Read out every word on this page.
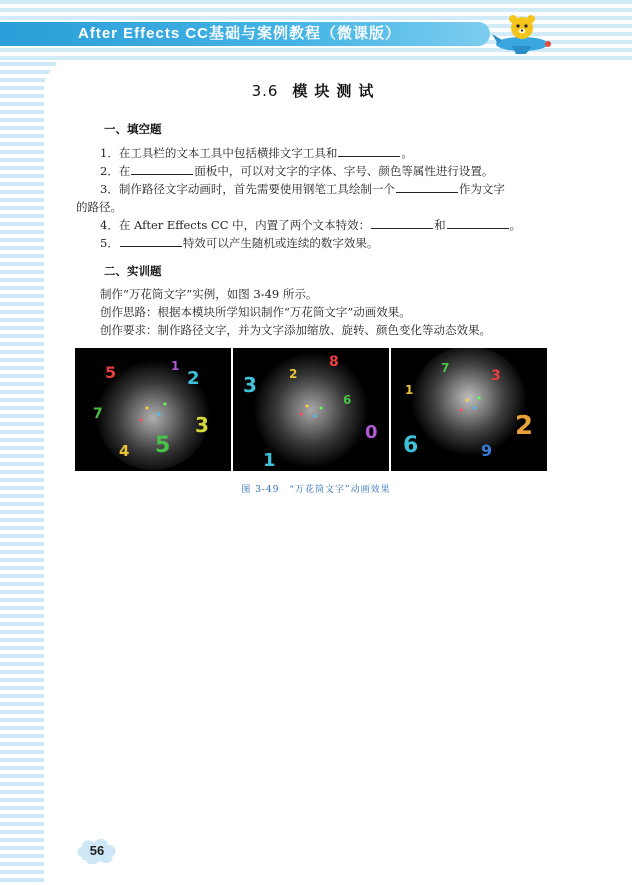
After Effects CC基础与案例教程（微课版）
3.6 模块测试
一、填空题
1．在工具栏的文本工具中包括横排文字工具和	。
2．在	面板中，可以对文字的字体、字号、颜色等属性进行设置。
3．制作路径文字动画时，首先需要使用钢笔工具绘制一个	作为文字
的路径。
4．在 After Effects CC 中，内置了两个文本特效：	和	。
5．	特效可以产生随机或连续的数字效果。
二、实训题
制作“万花筒文字”实例，如图 3-49 所示。
创作思路：根据本模块所学知识制作“万花筒文字”动画效果。
创作要求：制作路径文字，并为文字添加缩放、旋转、颜色变化等动态效果。
5	2
7	3
4 5
1
3
8
0
1
6
2
6
2
3
1
9
7
图 3-49　“万花筒文字”动画效果
56
